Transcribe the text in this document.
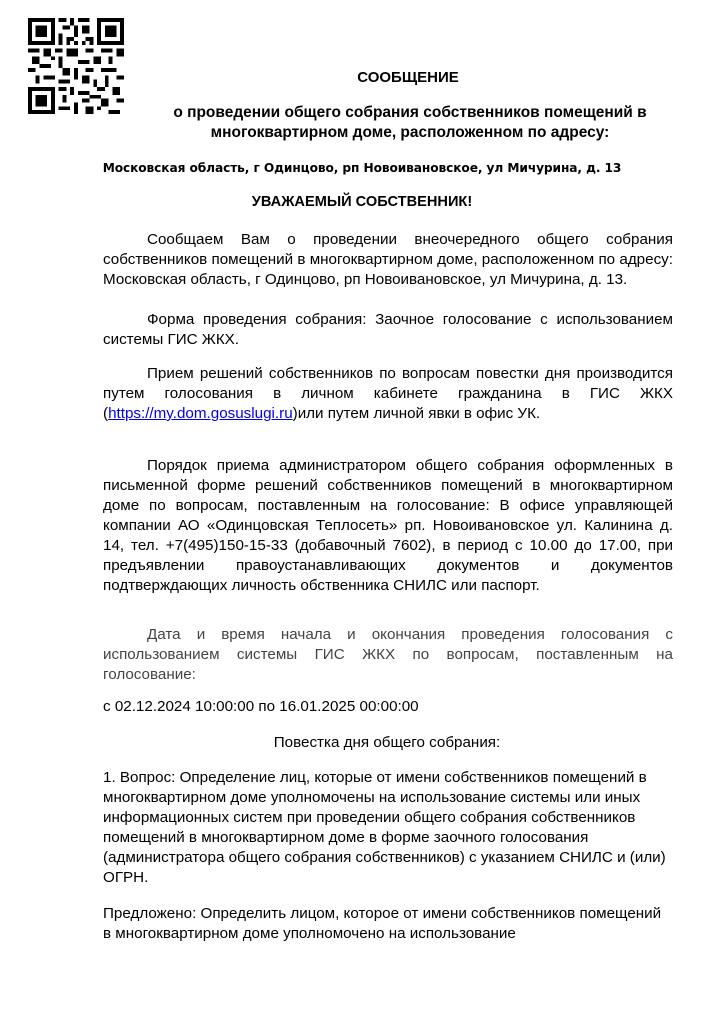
СООБЩЕНИЕ
о проведении общего собрания собственников помещений в многоквартирном доме, расположенном по адресу:
Московская область, г Одинцово, рп Новоивановское, ул Мичурина, д. 13
УВАЖАЕМЫЙ СОБСТВЕННИК!
Сообщаем Вам о проведении внеочередного общего собрания собственников помещений в многоквартирном доме, расположенном по адресу: Московская область, г Одинцово, рп Новоивановское, ул Мичурина, д. 13.
Форма проведения собрания: Заочное голосование с использованием системы ГИС ЖКХ.
Прием решений собственников по вопросам повестки дня производится путем голосования в личном кабинете гражданина в ГИС ЖКХ (https://my.dom.gosuslugi.ru)или путем личной явки в офис УК.
Порядок приема администратором общего собрания оформленных в письменной форме решений собственников помещений в многоквартирном доме по вопросам, поставленным на голосование: В офисе управляющей компании АО «Одинцовская Теплосеть» рп. Новоивановское ул. Калинина д. 14, тел. +7(495)150-15-33 (добавочный 7602), в период с 10.00 до 17.00, при предъявлении правоустанавливающих документов и документов подтверждающих личность обственника СНИЛС или паспорт.
Дата и время начала и окончания проведения голосования с использованием системы ГИС ЖКХ по вопросам, поставленным на голосование:
с 02.12.2024 10:00:00 по 16.01.2025 00:00:00
Повестка дня общего собрания:
1. Вопрос: Определение лиц, которые от имени собственников помещений в многоквартирном доме уполномочены на использование системы или иных информационных систем при проведении общего собрания собственников помещений в многоквартирном доме в форме заочного голосования (администратора общего собрания собственников) с указанием СНИЛС и (или) ОГРН.
Предложено: Определить лицом, которое от имени собственников помещений в многоквартирном доме уполномочено на использование
